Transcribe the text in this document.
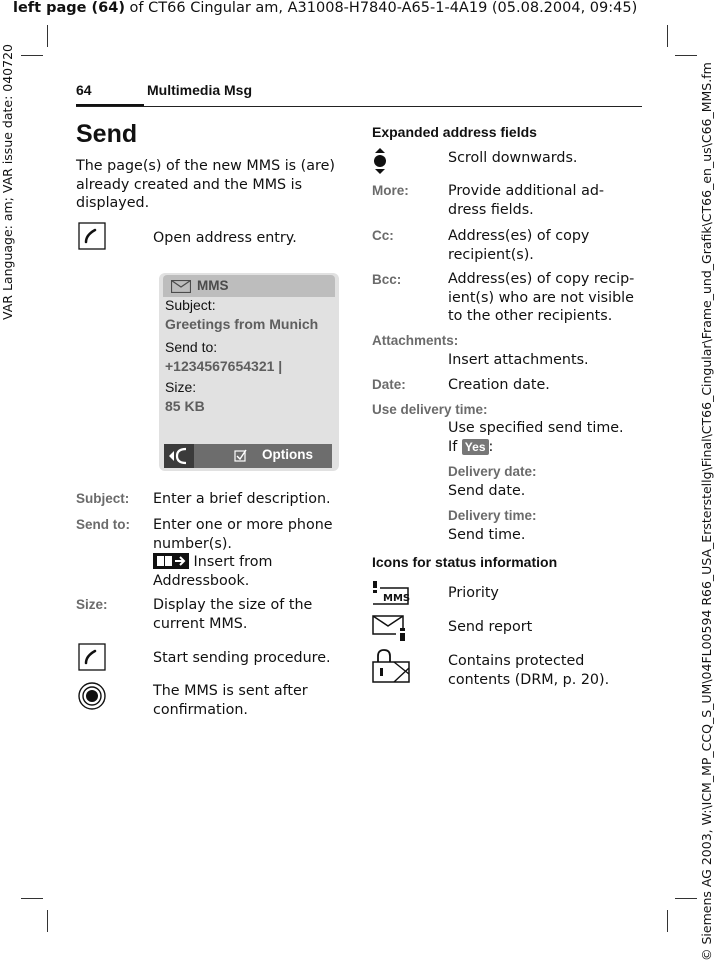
left page (64) of CT66 Cingular am, A31008-H7840-A65-1-4A19 (05.08.2004, 09:45)
VAR Language: am; VAR issue date: 040720	© Siemens AG 2003, W:\ICM_MP_CCQ_S_UM\04FL00594 R66_USA_Ersterstellg\Final\CT66_Cingular\Frame_und_Grafik\CT66_en_us\C66_MMS.fm
64	Multimedia Msg
Send
The page(s) of the new MMS is (are)
already created and the MMS is
displayed.
Open address entry.
MMS
Subject:
Greetings from Munich
Send to:
+1234567654321 |
Size:
85 KB
Options
Subject: Enter a brief description.
Send to: Enter one or more phone
number(s).
Insert from
Addressbook.
Size:	Display the size of the
current MMS.
Start sending procedure.
The MMS is sent after
confirmation.
Expanded address fields
Scroll downwards.
More:	Provide additional ad-
dress fields.
Cc:	Address(es) of copy
recipient(s).
Bcc:	Address(es) of copy recip-
ient(s) who are not visible
to the other recipients.
Attachments:
Insert attachments.
Date:	Creation date.
Use delivery time:
Use specified send time.
If Yes :
Delivery date:
Send date.
Delivery time:
Send time.
Icons for status information
MMS	Priority
Send report
Contains protected
contents (DRM, p. 20).
